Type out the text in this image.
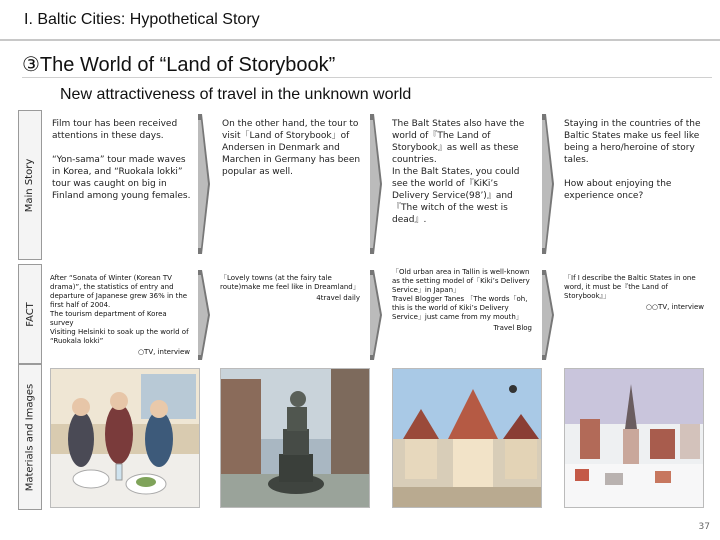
I. Baltic Cities: Hypothetical Story
③The World of “Land of Storybook”
New attractiveness of travel in the unknown world
Main Story
FACT
Materials and Images
Film tour has been received attentions in these days.

“Yon-sama” tour made waves in Korea, and “Ruokala lokki” tour was caught on big in Finland among young females.
On the other hand, the tour to visit「Land of Storybook」of Andersen in Denmark and Marchen in Germany has been popular as well.
The Balt States also have the world of『The Land of Storybook』as well as these countries.
In the Balt States, you could see the world of『KiKi’s Delivery Service(98’)』and『The witch of the west is dead』.
Staying in the countries of the Baltic States make us feel like being a hero/heroine of story tales.

How about enjoying the experience once?
After “Sonata of Winter (Korean TV drama)”, the statistics of entry and departure of Japanese grew 36% in the first half of 2004.
The tourism department of Korea survey
Visiting Helsinki to soak up the world of “Ruokala lokki”
○TV, interview
「Lovely towns (at the fairy tale route)make me feel like in Dreamland」
4travel daily
「Old urban area in Tallin is well-known as the setting model of「Kiki’s Delivery Service」in Japan」
Travel Blogger Tanes 「The words「oh, this is the world of Kiki’s Delivery Service」just came from my mouth」
Travel Blog
「If I describe the Baltic States in one word, it must be『the Land of Storybook』」
○○TV, interview
37
